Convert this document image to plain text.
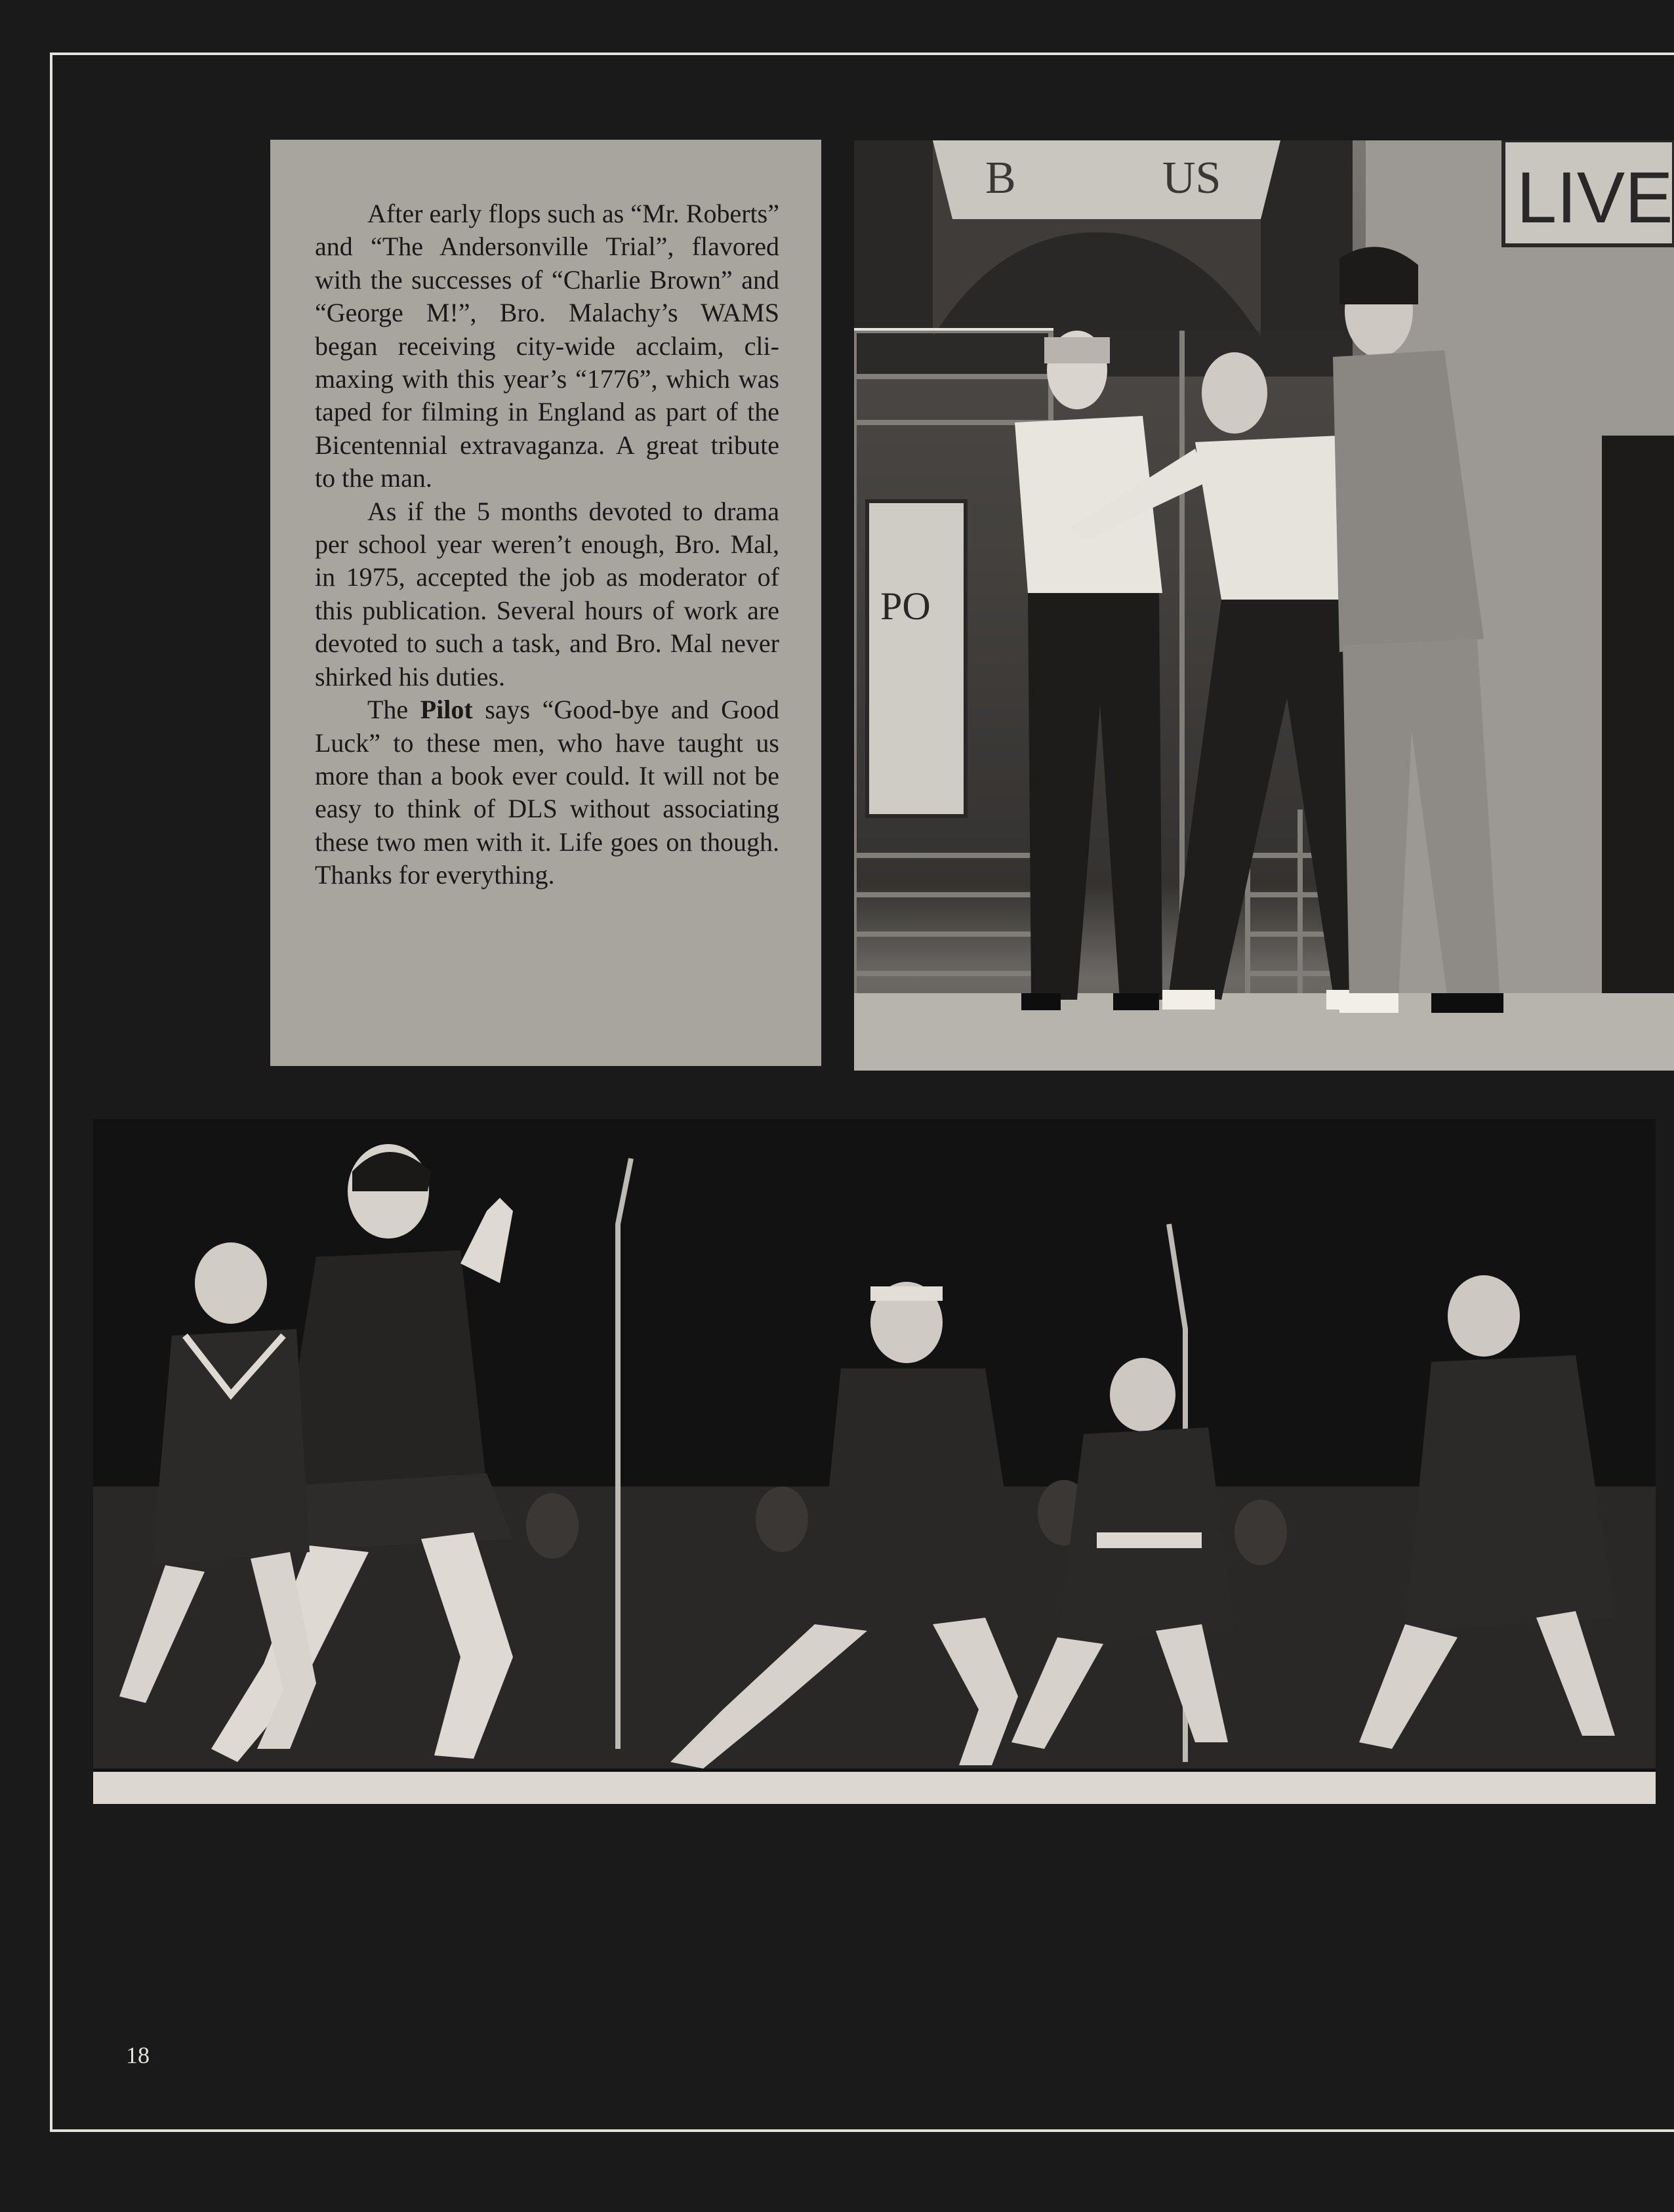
After early flops such as “Mr. Roberts” and “The Andersonville Trial”, flavored with the successes of “Charlie Brown” and “George M!”, Bro. Malachy’s WAMS began receiving city-wide acclaim, climaxing with this year’s “1776”, which was taped for filming in England as part of the Bicentennial extravaganza. A great tribute to the man.

As if the 5 months devoted to drama per school year weren’t enough, Bro. Mal, in 1975, accepted the job as moderator of this publication. Several hours of work are devoted to such a task, and Bro. Mal never shirked his duties.

The Pilot says “Good-bye and Good Luck” to these men, who have taught us more than a book ever could. It will not be easy to think of DLS without associating these two men with it. Life goes on though. Thanks for everything.

B	US	LIVE
PO
18
